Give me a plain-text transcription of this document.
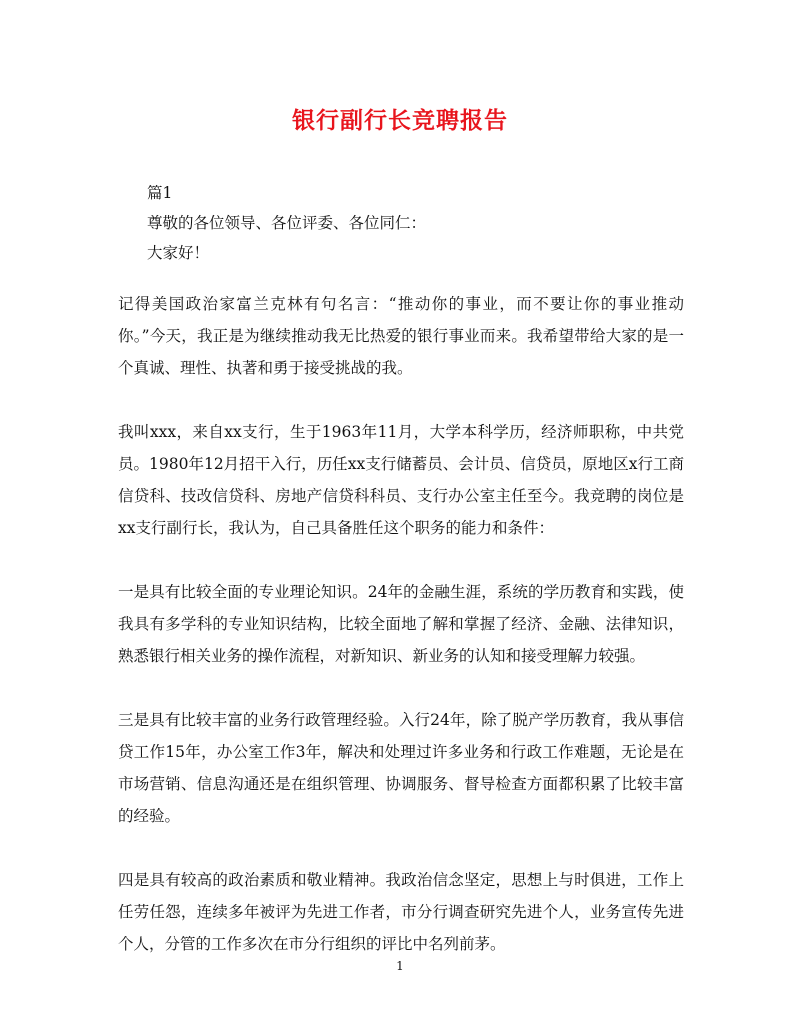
银行副行长竞聘报告
篇1
尊敬的各位领导、各位评委、各位同仁：
大家好！

记得美国政治家富兰克林有句名言：“推动你的事业，而不要让你的事业推动你。”今天，我正是为继续推动我无比热爱的银行事业而来。我希望带给大家的是一个真诚、理性、执著和勇于接受挑战的我。

我叫xxx，来自xx支行，生于1963年11月，大学本科学历，经济师职称，中共党员。1980年12月招干入行，历任xx支行储蓄员、会计员、信贷员，原地区x行工商信贷科、技改信贷科、房地产信贷科科员、支行办公室主任至今。我竞聘的岗位是xx支行副行长，我认为，自己具备胜任这个职务的能力和条件：

一是具有比较全面的专业理论知识。24年的金融生涯，系统的学历教育和实践，使我具有多学科的专业知识结构，比较全面地了解和掌握了经济、金融、法律知识，熟悉银行相关业务的操作流程，对新知识、新业务的认知和接受理解力较强。

三是具有比较丰富的业务行政管理经验。入行24年，除了脱产学历教育，我从事信贷工作15年，办公室工作3年，解决和处理过许多业务和行政工作难题，无论是在市场营销、信息沟通还是在组织管理、协调服务、督导检查方面都积累了比较丰富的经验。

四是具有较高的政治素质和敬业精神。我政治信念坚定，思想上与时俱进，工作上任劳任怨，连续多年被评为先进工作者，市分行调查研究先进个人，业务宣传先进个人，分管的工作多次在市分行组织的评比中名列前茅。

1
